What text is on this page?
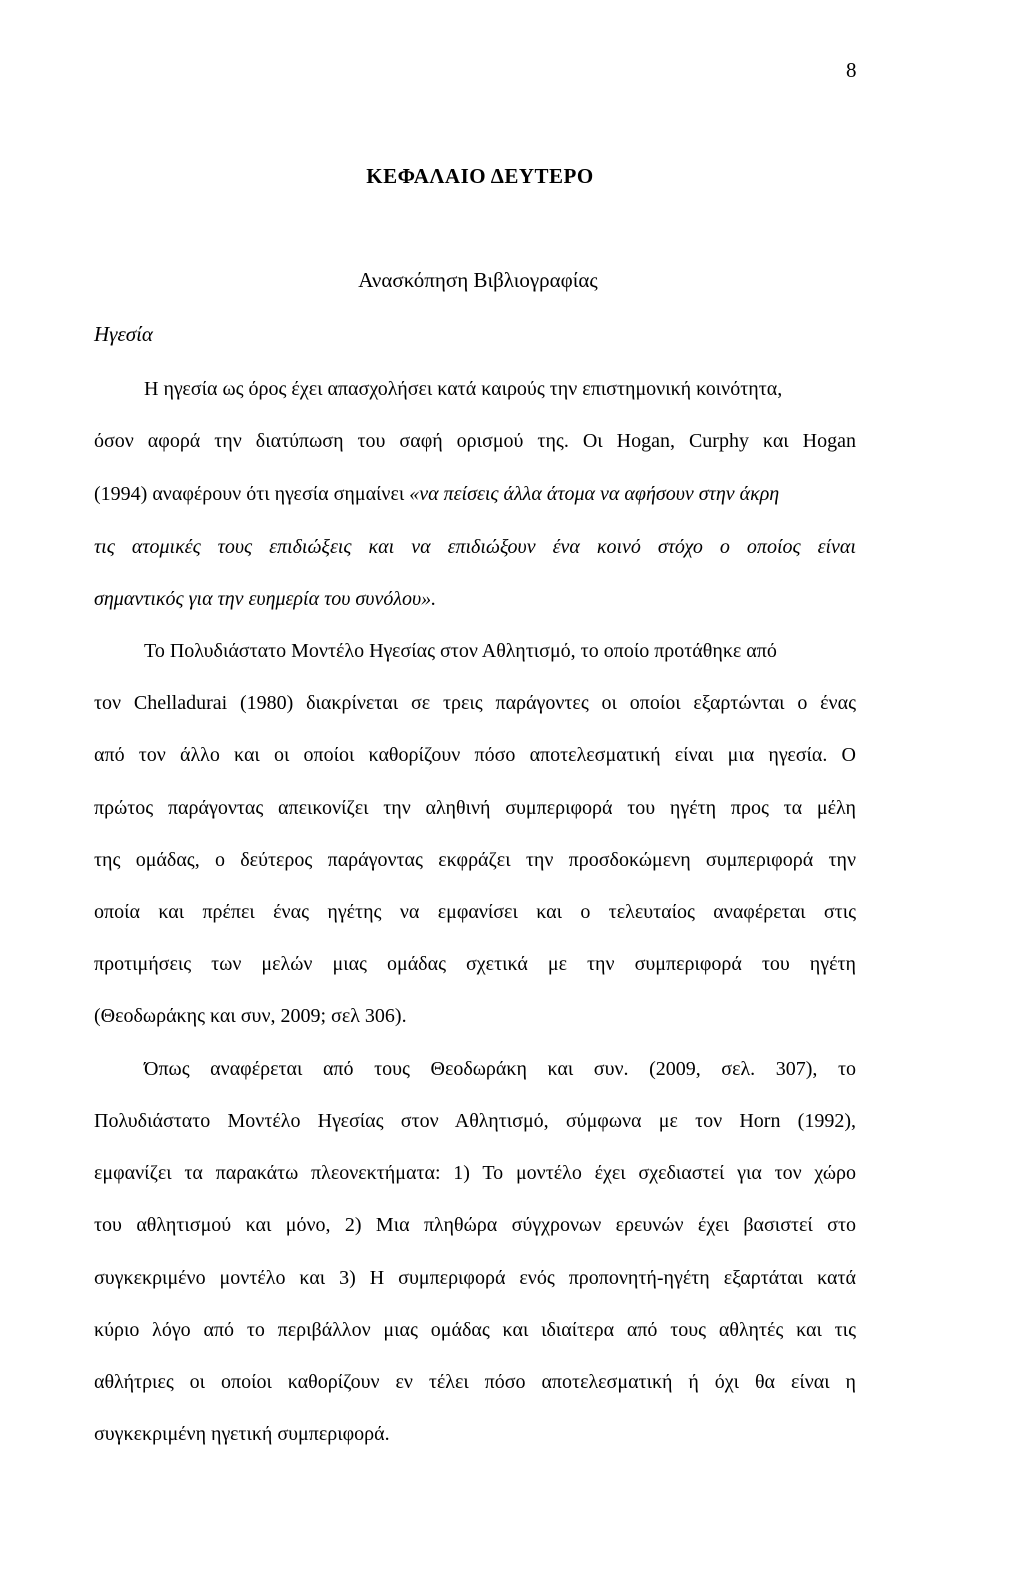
8
ΚΕΦΑΛΑΙΟ ΔΕΥΤΕΡΟ
Ανασκόπηση Βιβλιογραφίας
Ηγεσία
Η ηγεσία ως όρος έχει απασχολήσει κατά καιρούς την επιστημονική κοινότητα,
όσον αφορά την διατύπωση του σαφή ορισμού της. Οι Hogan, Curphy και Hogan
(1994) αναφέρουν ότι ηγεσία σημαίνει «να πείσεις άλλα άτομα να αφήσουν στην άκρη
τις ατομικές τους επιδιώξεις και να επιδιώξουν ένα κοινό στόχο ο οποίος είναι
σημαντικός για την ευημερία του συνόλου».
Το Πολυδιάστατο Μοντέλο Ηγεσίας στον Αθλητισμό, το οποίο προτάθηκε από
τον Chelladurai (1980) διακρίνεται σε τρεις παράγοντες οι οποίοι εξαρτώνται ο ένας
από τον άλλο και οι οποίοι καθορίζουν πόσο αποτελεσματική είναι μια ηγεσία. Ο
πρώτος παράγοντας απεικονίζει την αληθινή συμπεριφορά του ηγέτη προς τα μέλη
της ομάδας, ο δεύτερος παράγοντας εκφράζει την προσδοκώμενη συμπεριφορά την
οποία και πρέπει ένας ηγέτης να εμφανίσει και ο τελευταίος αναφέρεται στις
προτιμήσεις των μελών μιας ομάδας σχετικά με την συμπεριφορά του ηγέτη
(Θεοδωράκης και συν, 2009; σελ 306).
Όπως αναφέρεται από τους Θεοδωράκη και συν. (2009, σελ. 307), το
Πολυδιάστατο Μοντέλο Ηγεσίας στον Αθλητισμό, σύμφωνα με τον Horn (1992),
εμφανίζει τα παρακάτω πλεονεκτήματα: 1) Το μοντέλο έχει σχεδιαστεί για τον χώρο
του αθλητισμού και μόνο, 2) Μια πληθώρα σύγχρονων ερευνών έχει βασιστεί στο
συγκεκριμένο μοντέλο και 3) Η συμπεριφορά ενός προπονητή-ηγέτη εξαρτάται κατά
κύριο λόγο από το περιβάλλον μιας ομάδας και ιδιαίτερα από τους αθλητές και τις
αθλήτριες οι οποίοι καθορίζουν εν τέλει πόσο αποτελεσματική ή όχι θα είναι η
συγκεκριμένη ηγετική συμπεριφορά.
